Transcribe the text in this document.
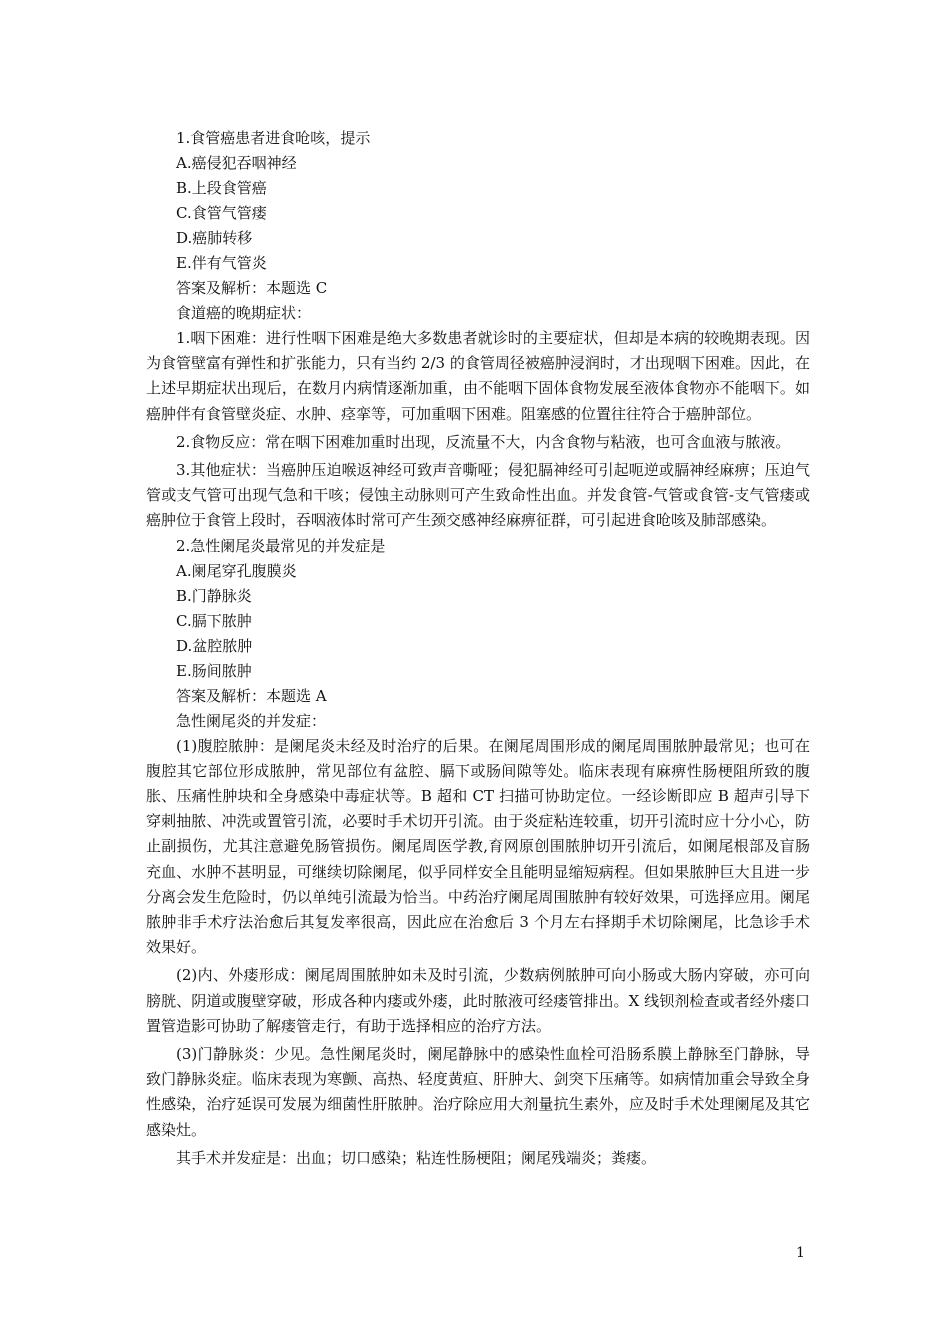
1.食管癌患者进食呛咳，提示
A.癌侵犯吞咽神经
B.上段食管癌
C.食管气管瘘
D.癌肺转移
E.伴有气管炎
答案及解析：本题选 C
食道癌的晚期症状：

1.咽下困难：进行性咽下困难是绝大多数患者就诊时的主要症状，但却是本病的较晚期表现。因为食管壁富有弹性和扩张能力，只有当约 2/3 的食管周径被癌肿浸润时，才出现咽下困难。因此，在上述早期症状出现后，在数月内病情逐渐加重，由不能咽下固体食物发展至液体食物亦不能咽下。如癌肿伴有食管壁炎症、水肿、痉挛等，可加重咽下困难。阻塞感的位置往往符合于癌肿部位。

2.食物反应：常在咽下困难加重时出现，反流量不大，内含食物与粘液，也可含血液与脓液。

3.其他症状：当癌肿压迫喉返神经可致声音嘶哑；侵犯膈神经可引起呃逆或膈神经麻痹；压迫气管或支气管可出现气急和干咳；侵蚀主动脉则可产生致命性出血。并发食管-气管或食管-支气管瘘或癌肿位于食管上段时，吞咽液体时常可产生颈交感神经麻痹征群，可引起进食呛咳及肺部感染。

2.急性阑尾炎最常见的并发症是
A.阑尾穿孔腹膜炎
B.门静脉炎
C.膈下脓肿
D.盆腔脓肿
E.肠间脓肿
答案及解析：本题选 A
急性阑尾炎的并发症：

(1)腹腔脓肿：是阑尾炎未经及时治疗的后果。在阑尾周围形成的阑尾周围脓肿最常见；也可在腹腔其它部位形成脓肿，常见部位有盆腔、膈下或肠间隙等处。临床表现有麻痹性肠梗阻所致的腹胀、压痛性肿块和全身感染中毒症状等。B 超和 CT 扫描可协助定位。一经诊断即应 B 超声引导下穿刺抽脓、冲洗或置管引流，必要时手术切开引流。由于炎症粘连较重，切开引流时应十分小心，防止副损伤，尤其注意避免肠管损伤。阑尾周医学教,育网原创围脓肿切开引流后，如阑尾根部及盲肠充血、水肿不甚明显，可继续切除阑尾，似乎同样安全且能明显缩短病程。但如果脓肿巨大且进一步分离会发生危险时，仍以单纯引流最为恰当。中药治疗阑尾周围脓肿有较好效果，可选择应用。阑尾脓肿非手术疗法治愈后其复发率很高，因此应在治愈后 3 个月左右择期手术切除阑尾，比急诊手术效果好。

(2)内、外瘘形成：阑尾周围脓肿如未及时引流，少数病例脓肿可向小肠或大肠内穿破，亦可向膀胱、阴道或腹壁穿破，形成各种内瘘或外瘘，此时脓液可经瘘管排出。X 线钡剂检查或者经外瘘口置管造影可协助了解瘘管走行，有助于选择相应的治疗方法。

(3)门静脉炎：少见。急性阑尾炎时，阑尾静脉中的感染性血栓可沿肠系膜上静脉至门静脉，导致门静脉炎症。临床表现为寒颤、高热、轻度黄疸、肝肿大、剑突下压痛等。如病情加重会导致全身性感染，治疗延误可发展为细菌性肝脓肿。治疗除应用大剂量抗生素外，应及时手术处理阑尾及其它感染灶。

其手术并发症是：出血；切口感染；粘连性肠梗阻；阑尾残端炎；粪瘘。

1
